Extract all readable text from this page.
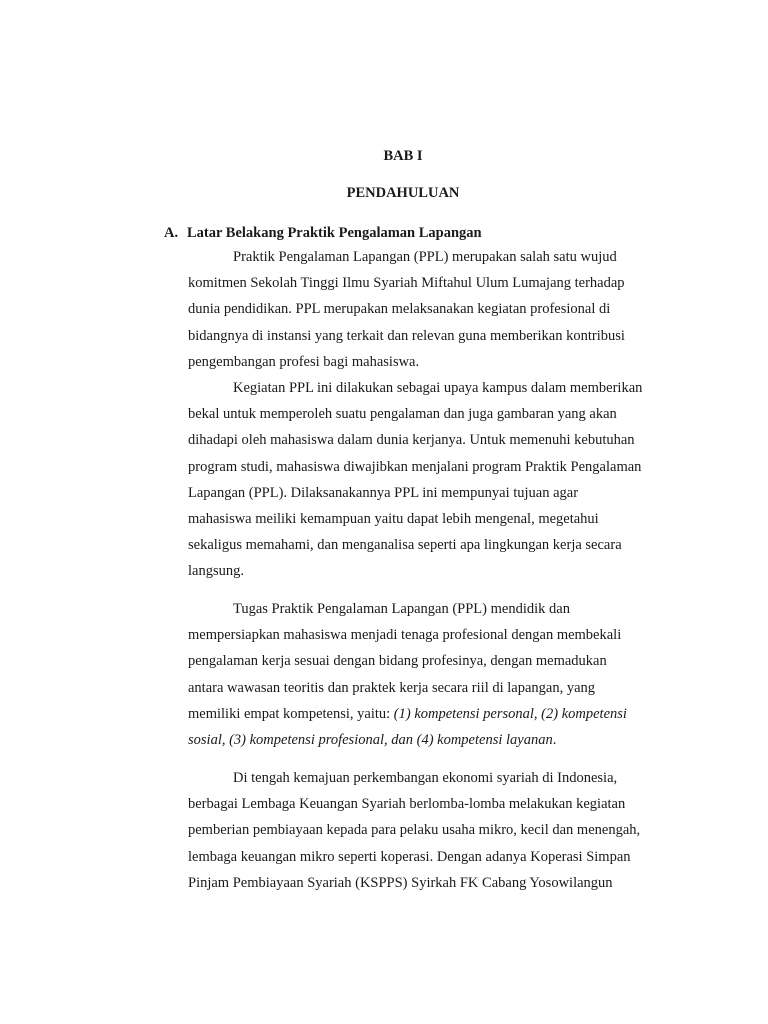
BAB I
PENDAHULUAN
A. Latar Belakang Praktik Pengalaman Lapangan

Praktik Pengalaman Lapangan (PPL) merupakan salah satu wujud
komitmen Sekolah Tinggi Ilmu Syariah Miftahul Ulum Lumajang terhadap
dunia pendidikan. PPL merupakan melaksanakan kegiatan profesional di
bidangnya di instansi yang terkait dan relevan guna memberikan kontribusi
pengembangan profesi bagi mahasiswa.

Kegiatan PPL ini dilakukan sebagai upaya kampus dalam memberikan
bekal untuk memperoleh suatu pengalaman dan juga gambaran yang akan
dihadapi oleh mahasiswa dalam dunia kerjanya. Untuk memenuhi kebutuhan
program studi, mahasiswa diwajibkan menjalani program Praktik Pengalaman
Lapangan (PPL). Dilaksanakannya PPL ini mempunyai tujuan agar
mahasiswa meiliki kemampuan yaitu dapat lebih mengenal, megetahui
sekaligus memahami, dan menganalisa seperti apa lingkungan kerja secara
langsung.

Tugas Praktik Pengalaman Lapangan (PPL) mendidik dan
mempersiapkan mahasiswa menjadi tenaga profesional dengan membekali
pengalaman kerja sesuai dengan bidang profesinya, dengan memadukan
antara wawasan teoritis dan praktek kerja secara riil di lapangan, yang
memiliki empat kompetensi, yaitu: (1) kompetensi personal, (2) kompetensi
sosial, (3) kompetensi profesional, dan (4) kompetensi layanan.

Di tengah kemajuan perkembangan ekonomi syariah di Indonesia,
berbagai Lembaga Keuangan Syariah berlomba-lomba melakukan kegiatan
pemberian pembiayaan kepada para pelaku usaha mikro, kecil dan menengah,
lembaga keuangan mikro seperti koperasi. Dengan adanya Koperasi Simpan
Pinjam Pembiayaan Syariah (KSPPS) Syirkah FK Cabang Yosowilangun
